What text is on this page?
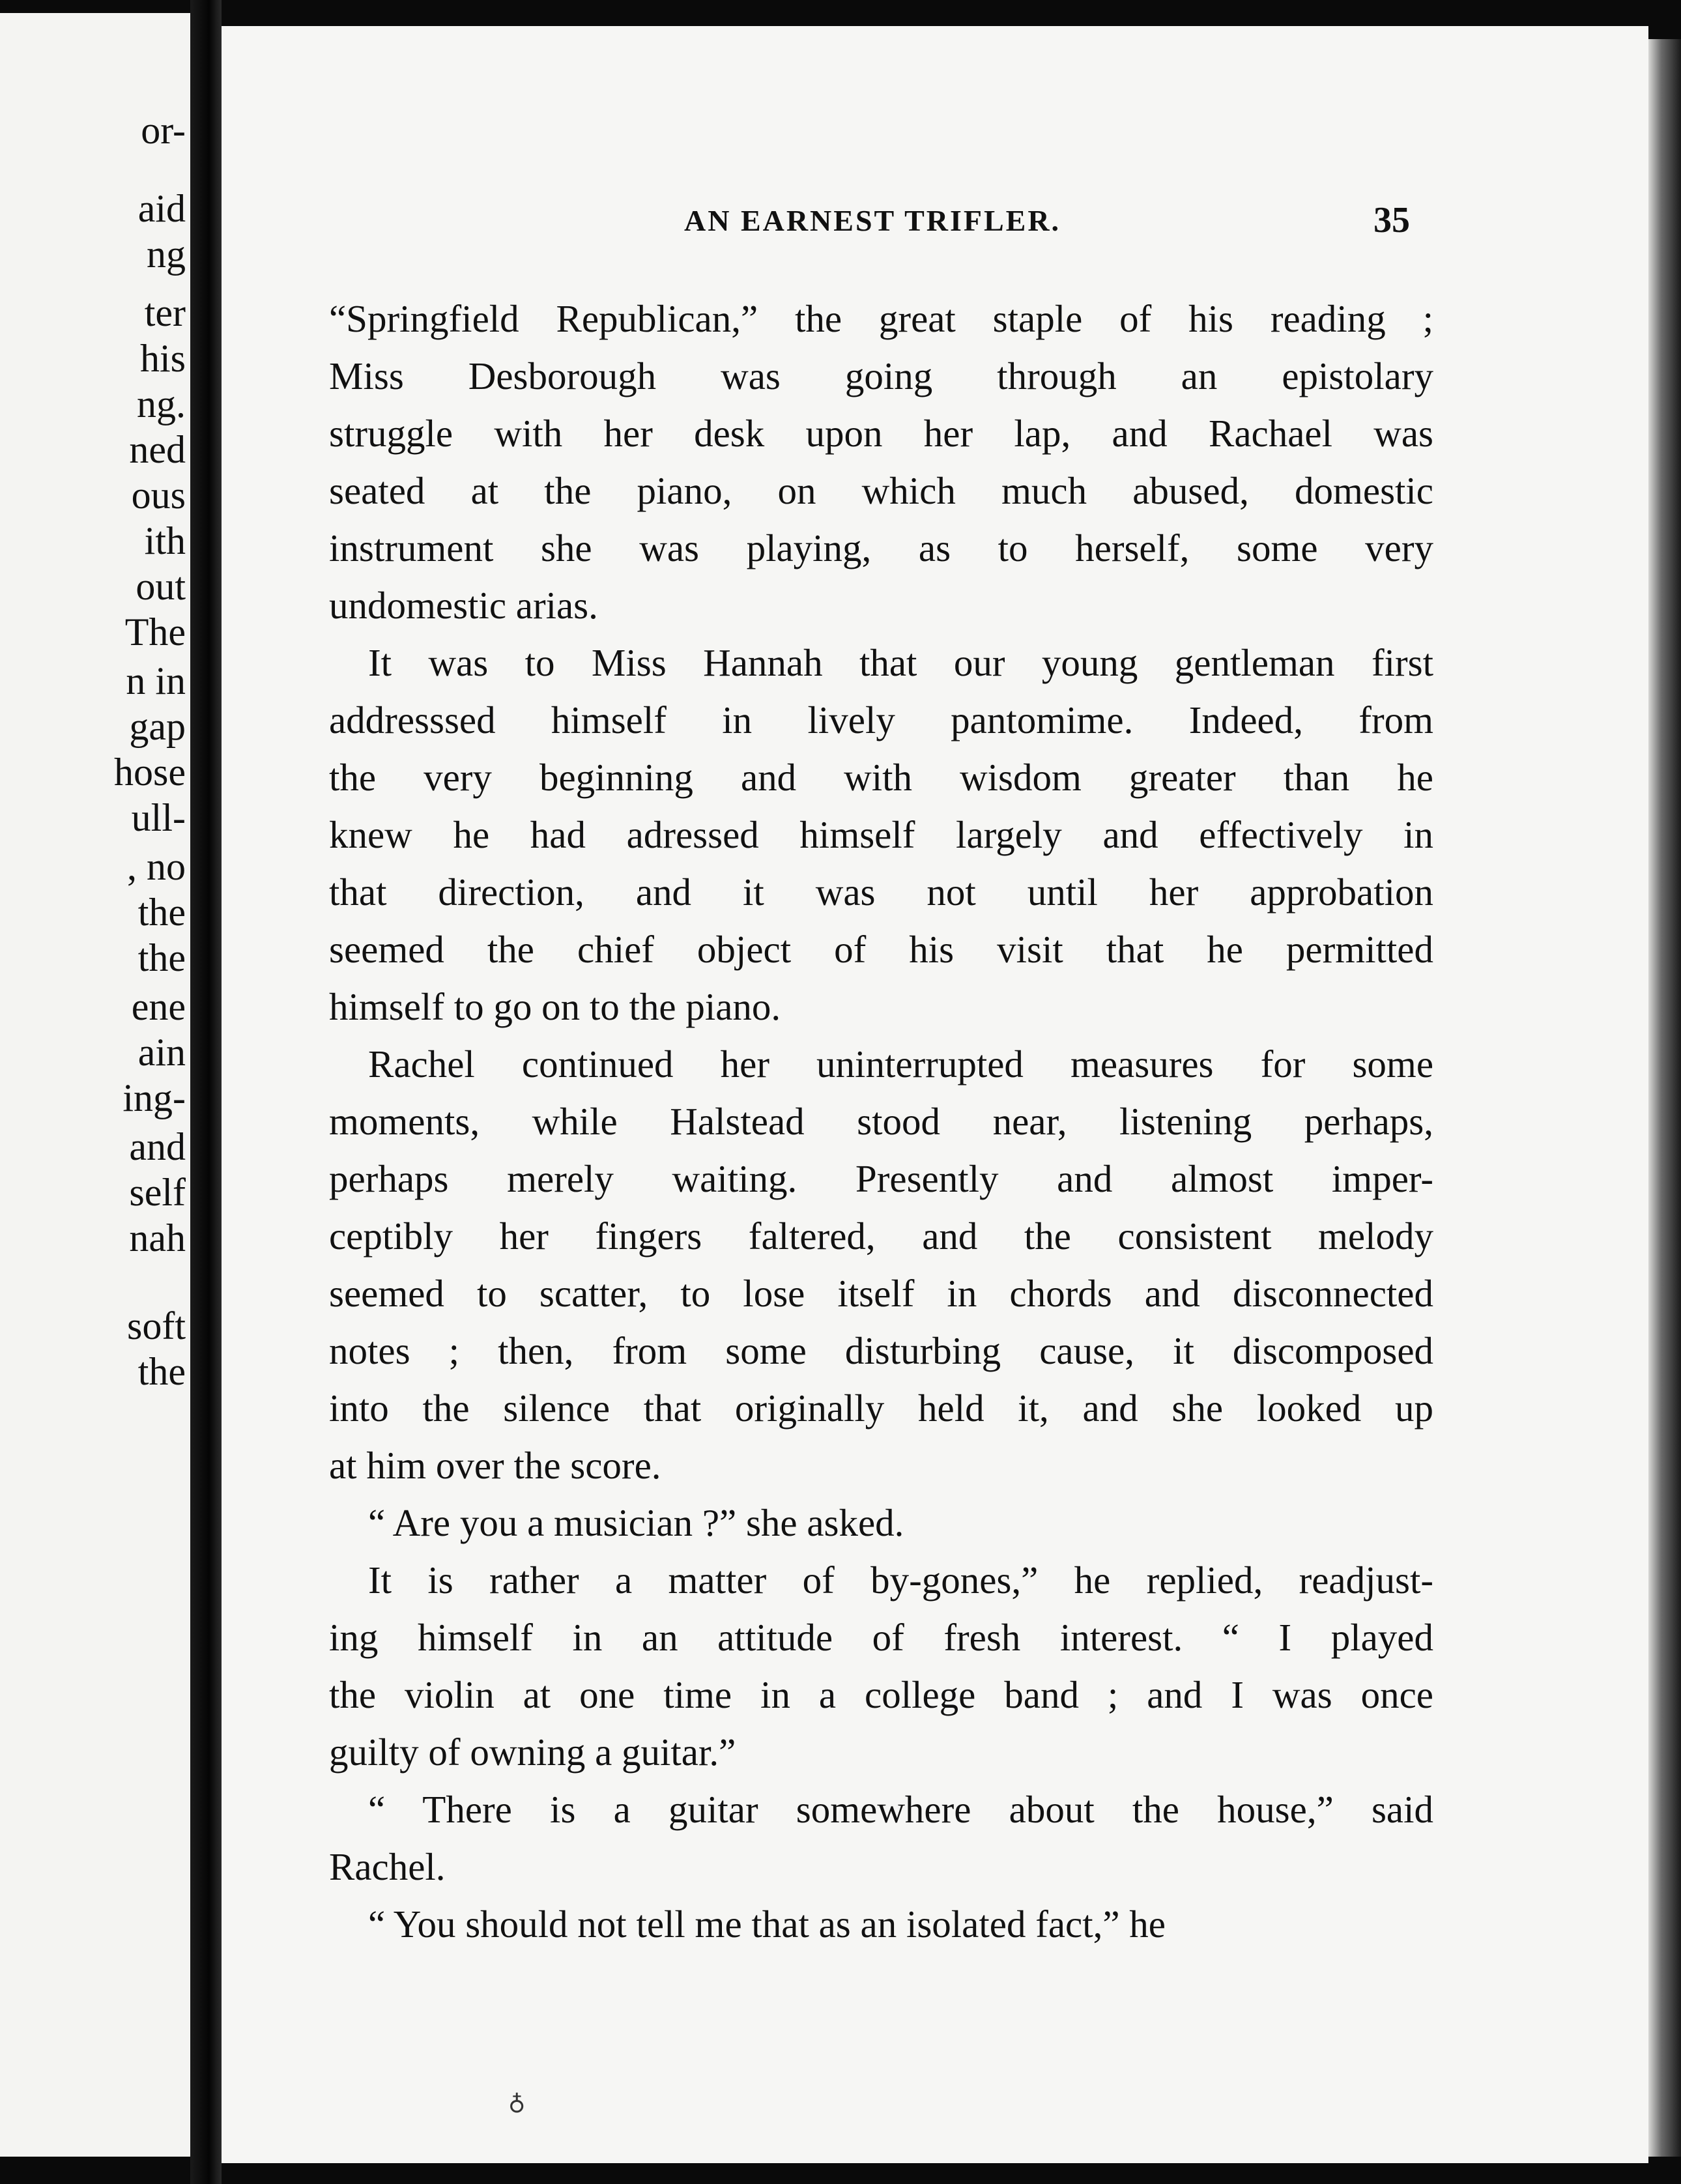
or-
aid
ng
ter
his
ng.
ned
ous
ith
out
The
n in
gap
hose
ull-
, no
the
the
ene
ain
ing-
and
self
nah
soft
the
AN EARNEST TRIFLER.	35
“Springfield Republican,” the great staple of his reading ;
Miss Desborough was going through an epistolary
struggle with her desk upon her lap, and Rachael was
seated at the piano, on which much abused, domestic
instrument she was playing, as to herself, some very
undomestic arias.
It was to Miss Hannah that our young gentleman first
addresssed himself in lively pantomime. Indeed, from
the very beginning and with wisdom greater than he
knew he had adressed himself largely and effectively in
that direction, and it was not until her approbation
seemed the chief object of his visit that he permitted
himself to go on to the piano.
Rachel continued her uninterrupted measures for some
moments, while Halstead stood near, listening perhaps,
perhaps merely waiting. Presently and almost imper-
ceptibly her fingers faltered, and the consistent melody
seemed to scatter, to lose itself in chords and disconnected
notes ; then, from some disturbing cause, it discomposed
into the silence that originally held it, and she looked up
at him over the score.
“ Are you a musician ?” she asked.
It is rather a matter of by-gones,” he replied, readjust-
ing himself in an attitude of fresh interest. “ I played
the violin at one time in a college band ; and I was once
guilty of owning a guitar.”
“ There is a guitar somewhere about the house,” said
Rachel.
“ You should not tell me that as an isolated fact,” he
♁
